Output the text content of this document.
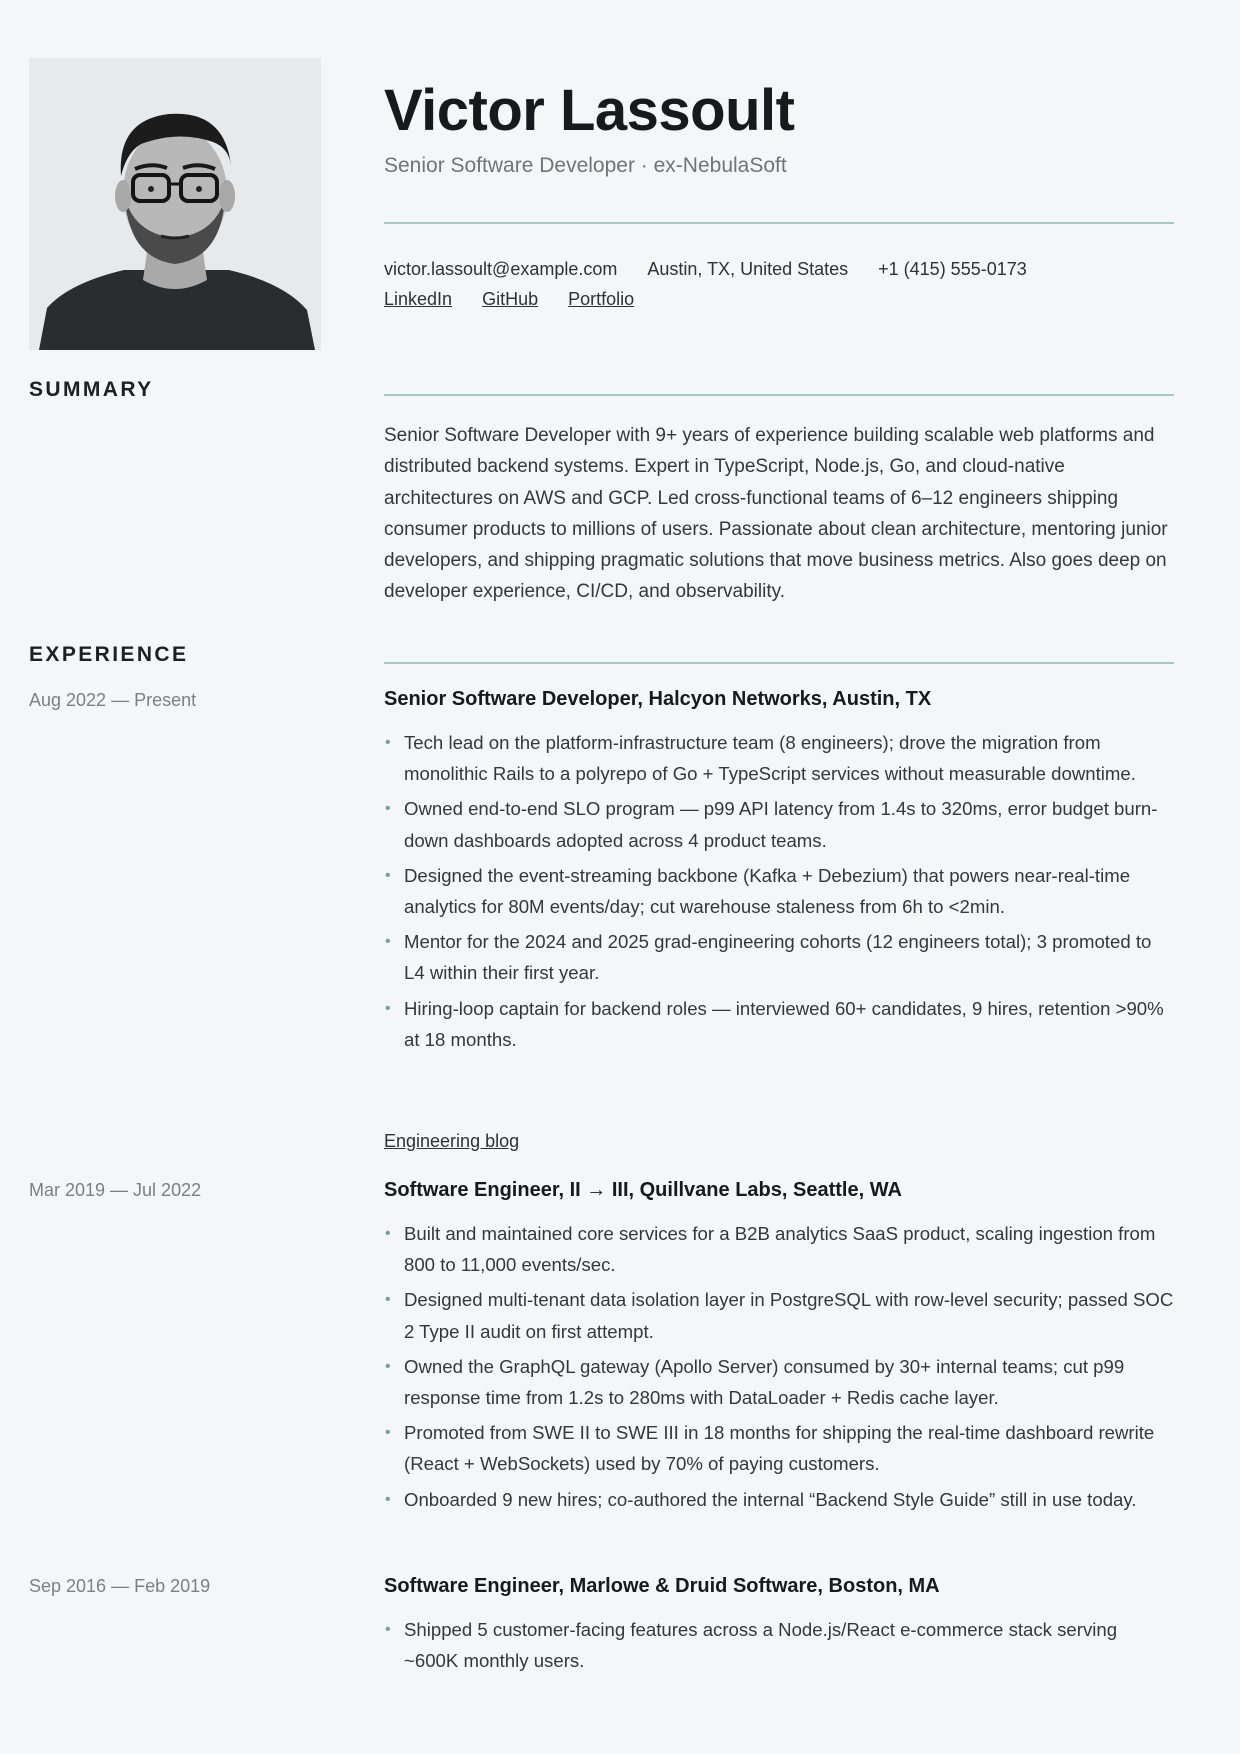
Victor Lassoult
Senior Software Developer · ex-NebulaSoft
victor.lassoult@example.com Austin, TX, United States +1 (415) 555-0173
LinkedIn GitHub Portfolio
SUMMARY
Senior Software Developer with 9+ years of experience building scalable web platforms and distributed backend systems. Expert in TypeScript, Node.js, Go, and cloud-native architectures on AWS and GCP. Led cross-functional teams of 6–12 engineers shipping consumer products to millions of users. Passionate about clean architecture, mentoring junior developers, and shipping pragmatic solutions that move business metrics. Also goes deep on developer experience, CI/CD, and observability.
EXPERIENCE
Aug 2022 — Present	Senior Software Developer, Halcyon Networks, Austin, TX
• Tech lead on the platform-infrastructure team (8 engineers); drove the migration from monolithic Rails to a polyrepo of Go + TypeScript services without measurable downtime.
• Owned end-to-end SLO program — p99 API latency from 1.4s to 320ms, error budget burn-down dashboards adopted across 4 product teams.
• Designed the event-streaming backbone (Kafka + Debezium) that powers near-real-time analytics for 80M events/day; cut warehouse staleness from 6h to <2min.
• Mentor for the 2024 and 2025 grad-engineering cohorts (12 engineers total); 3 promoted to L4 within their first year.
• Hiring-loop captain for backend roles — interviewed 60+ candidates, 9 hires, retention >90% at 18 months.
Engineering blog
Mar 2019 — Jul 2022	Software Engineer, II → III, Quillvane Labs, Seattle, WA
• Built and maintained core services for a B2B analytics SaaS product, scaling ingestion from 800 to 11,000 events/sec.
• Designed multi-tenant data isolation layer in PostgreSQL with row-level security; passed SOC 2 Type II audit on first attempt.
• Owned the GraphQL gateway (Apollo Server) consumed by 30+ internal teams; cut p99 response time from 1.2s to 280ms with DataLoader + Redis cache layer.
• Promoted from SWE II to SWE III in 18 months for shipping the real-time dashboard rewrite (React + WebSockets) used by 70% of paying customers.
• Onboarded 9 new hires; co-authored the internal “Backend Style Guide” still in use today.
Sep 2016 — Feb 2019	Software Engineer, Marlowe & Druid Software, Boston, MA
• Shipped 5 customer-facing features across a Node.js/React e-commerce stack serving ~600K monthly users.
